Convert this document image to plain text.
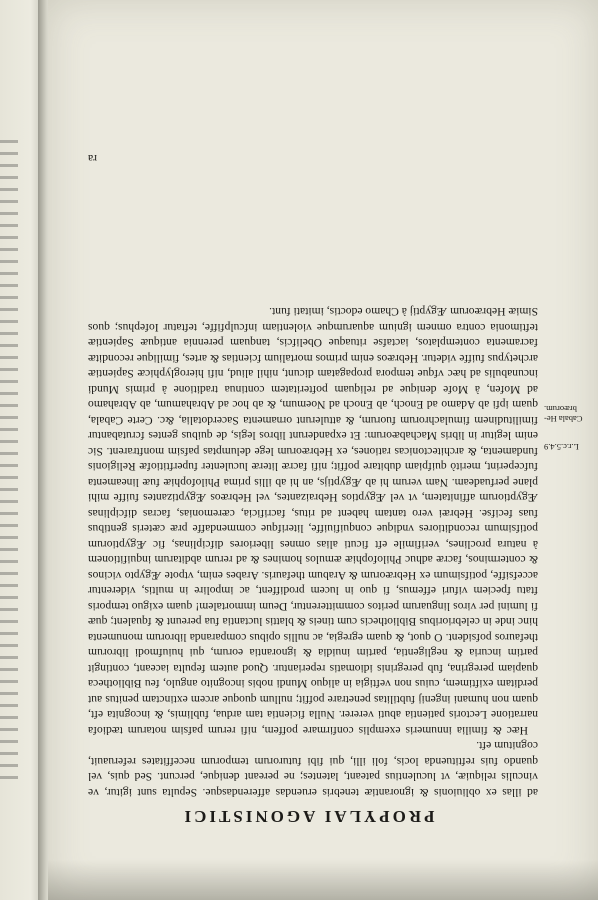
PROPYLAI AGONISTICI

ad illas ex obliuionis & ignorantiæ tenebris eruendas afferendasque. Sepulta sunt igitur, ve vinculis reliquiæ, vt luculentius pateant, latentes; ne pereant denique, percunt. Sed quis, vel quando fuis reftituenda locis, foli illi, qui fibi futurorum temporum neceffitates referuauit, cognitum eft.

Hæc & fimilia innumeris exemplis confirmare poffem, nifi rerum pafsim notarum tædiofa narratione Lectoris patientia abuti vererer. Nulla ficientia tam ardua, fublimis, & incognita eft, quam non humani ingenij fubtilitas penetrare poffit; nullum quoque arcem extinctam penitus aut perditam exiftimem, cuius non veftigia in aliquo Mundi nobis incognito angulo, feu Bibliotheca quapiam peregrina, fub peregrinis idiomatis reperiantur. Quod autem fepulta iaceant, contingit partim incuria & negligentia, partim inuidia & ignorantia eorum, qui huiufmodi librorum thefauros pofsident. O quot, & quam egregia, ac nullis opibus comparanda librorum monumenta hinc inde in celebrioribus Bibliothecis cum tineis & blattis luctantia fua pereunt & fqualent; quæ fi lumini per viros linguarum peritos committerentur, Deum immortalem! quam exiguo temporis ftatu fpeciem vifuri effemus, fi quo in lucem prodiffent, ac impolire in multis, viderentur accefsiffe, potifsimum ex Hebræorum & Arabum thefauris. Arabes enim, vtpote Ægypto vicinos & conterminos, facræ adhuc Philofophiæ æmulos homines & ad rerum abditarum inquifitionem à natura proclines, verifimile eft ficuti alias omnes liberiores difciplinas, fic Ægyptiorum potifsimum reconditiores vndique conquifiuiffe, literifque commendaffe præ cæteris gentibus fuas fecifse. Hebræi vero tantam habent ad ritus, facrificia, cæremonias, facras difciplinas Ægyptiorum affinitatem, vt vel Ægyptios Hebraizantes, vel Hebræos Ægyptizantes fuiffe mihi plane perfuadeam. Nam verum hi ab Ægyptijs, an hi ab illis prima Philofophiæ fuæ lineamenta fufceperint, meritò quifpiam dubitare poffit; nifi facræ literæ luculenter fuperftitiofæ Religionis fundamenta, & architectonicas rationes, ex Hebræorum lege delumptas pafsim monftrarent. Sic enim legitur in libris Machabæorum: Et expanderunt libros legis, de quibus gentes fcrutabantur fimilitudinem fimulachrorum fuorum, & attulerunt ornamenta Sacerdotalia, &c. Certe Cabala, quam ipfi ab Adamo ad Enoch, ab Enoch ad Noemum, & ab hoc ad Abrahamum, ab Abrahamo ad Mofen, à Mofe denique ad reliquam pofteritatem continua traditione à primis Mundi incunabulis ad hæc vfque tempora propagatam dicunt, nihil aliud, nifi hieroglyphicæ Sapientiæ archetypus fuiffe videtur. Hebræos enim primos mortalium fcientias & artes, fimilique reconditæ facramenta contemplatos, iactafse rituaque Obelifcis, tanquam perennia antiquæ Sapientiæ teftimonia contra omnem ignium aquarumque violentiam infculpfiffe, teftatur Iofephus; quos Simiæ Hebræorum Ægyptij à Chamo edoctis, imitati funt.

ra
L.r.c.5.4.9
Cabala He-bræorum.
